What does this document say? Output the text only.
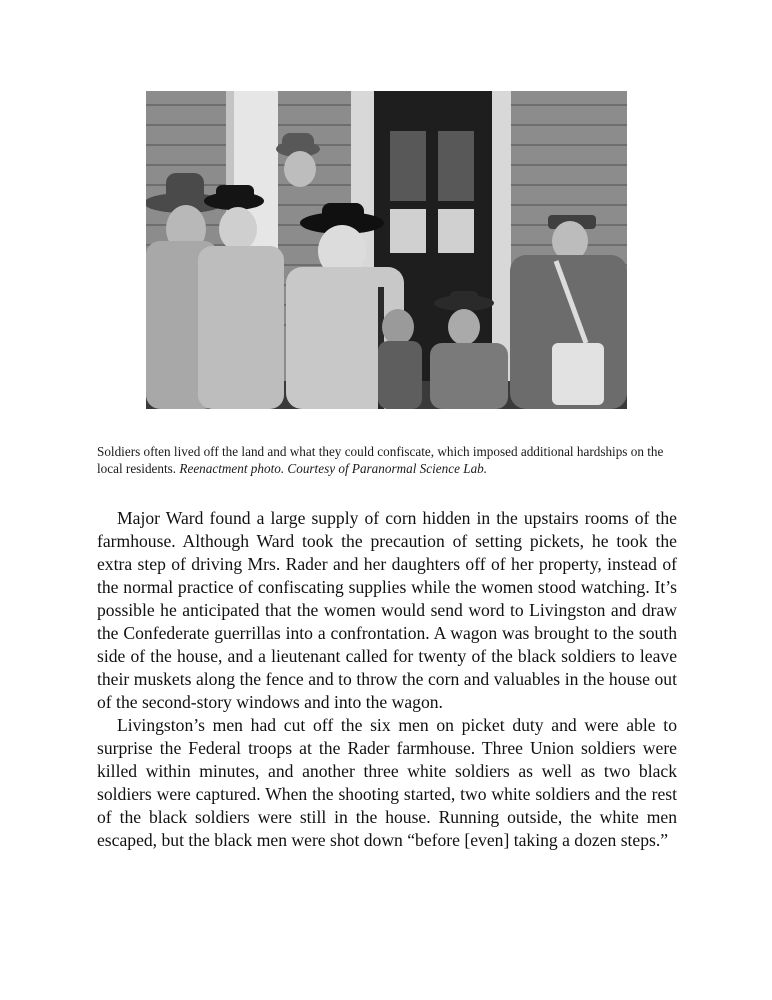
Soldiers often lived off the land and what they could confiscate, which imposed additional hardships on the local residents. Reenactment photo. Courtesy of Paranormal Science Lab.

Major Ward found a large supply of corn hidden in the upstairs rooms of the farmhouse. Although Ward took the precaution of setting pickets, he took the extra step of driving Mrs. Rader and her daughters off of her property, instead of the normal practice of confiscating supplies while the women stood watching. It’s possible he anticipated that the women would send word to Livingston and draw the Confederate guerrillas into a confrontation. A wagon was brought to the south side of the house, and a lieutenant called for twenty of the black soldiers to leave their muskets along the fence and to throw the corn and valuables in the house out of the second-story windows and into the wagon.

Livingston’s men had cut off the six men on picket duty and were able to surprise the Federal troops at the Rader farmhouse. Three Union soldiers were killed within minutes, and another three white soldiers as well as two black soldiers were captured. When the shooting started, two white soldiers and the rest of the black soldiers were still in the house. Running outside, the white men escaped, but the black men were shot down “before [even] taking a dozen steps.”
